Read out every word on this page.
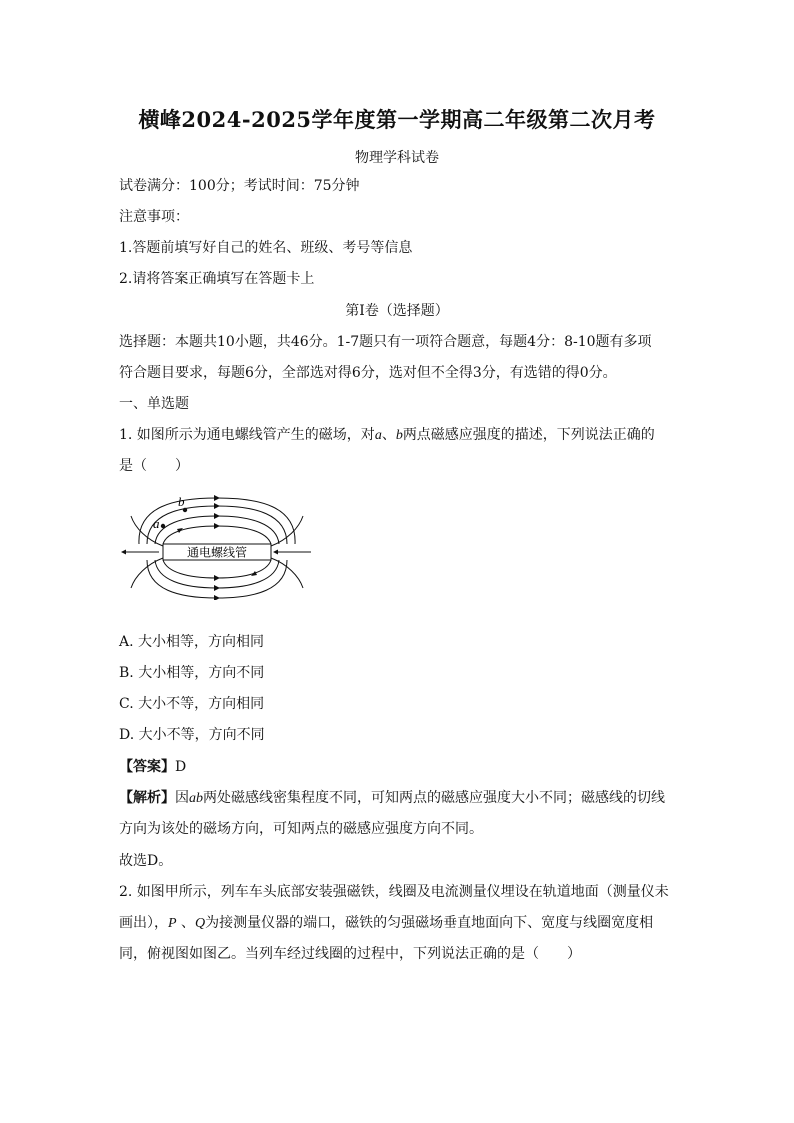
横峰2024-2025学年度第一学期高二年级第二次月考
物理学科试卷
试卷满分：100分；考试时间：75分钟
注意事项：
1.答题前填写好自己的姓名、班级、考号等信息
2.请将答案正确填写在答题卡上
第Ⅰ卷（选择题）
选择题：本题共10小题，共46分。1-7题只有一项符合题意，每题4分：8-10题有多项
符合题目要求，每题6分，全部选对得6分，选对但不全得3分，有选错的得0分。
一、单选题
1. 如图所示为通电螺线管产生的磁场，对a、b两点磁感应强度的描述，下列说法正确的
是（　　）
通电螺线管
a
b
A. 大小相等，方向相同
B. 大小相等，方向不同
C. 大小不等，方向相同
D. 大小不等，方向不同
【答案】D
【解析】因ab两处磁感线密集程度不同，可知两点的磁感应强度大小不同；磁感线的切线
方向为该处的磁场方向，可知两点的磁感应强度方向不同。
故选D。
2. 如图甲所示，列车车头底部安装强磁铁，线圈及电流测量仪埋设在轨道地面（测量仪未
画出），P 、Q为接测量仪器的端口，磁铁的匀强磁场垂直地面向下、宽度与线圈宽度相
同，俯视图如图乙。当列车经过线圈的过程中，下列说法正确的是（　　）
